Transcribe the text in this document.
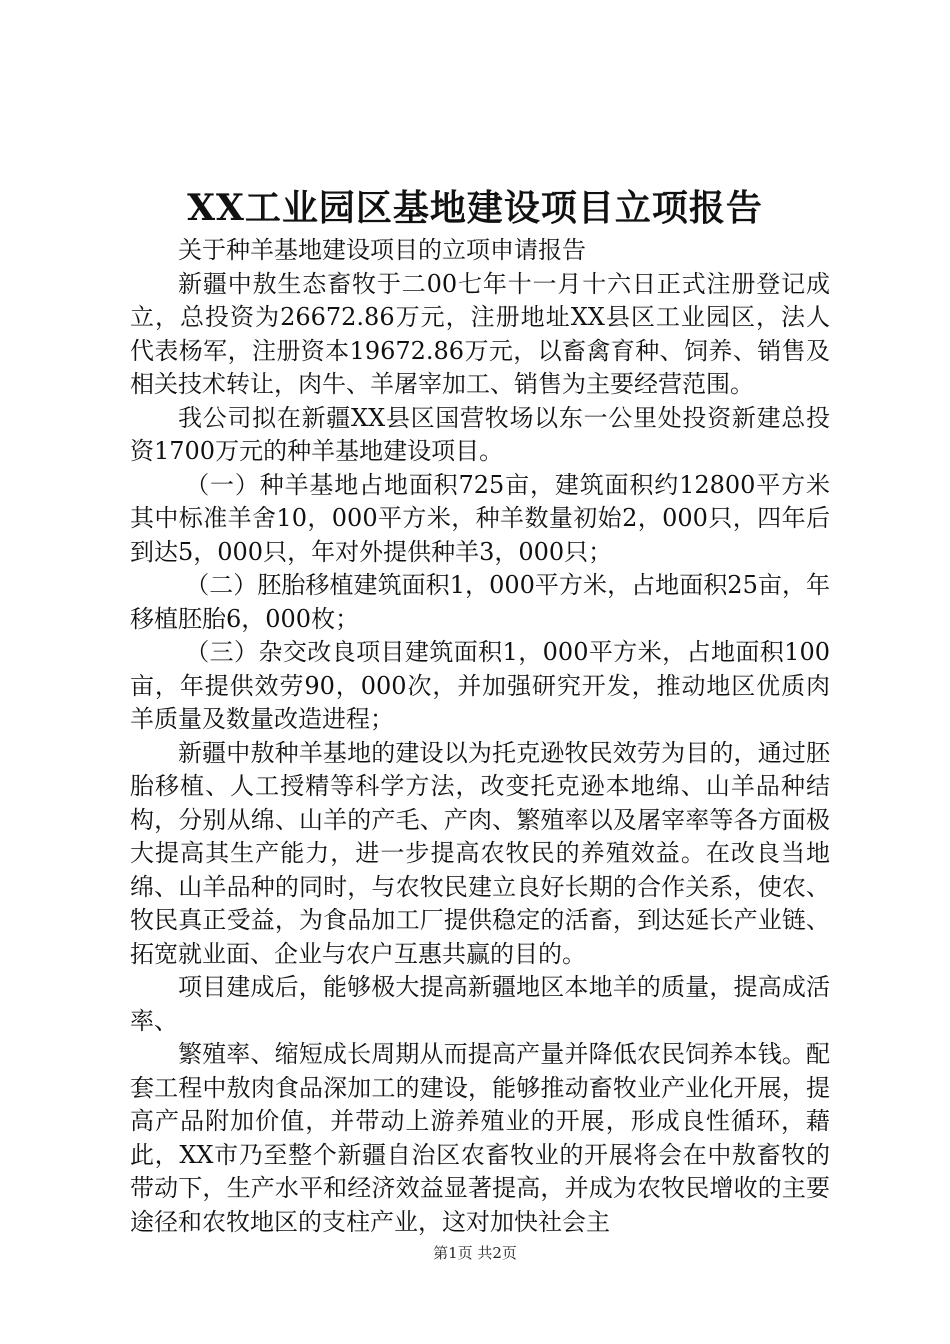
XX工业园区基地建设项目立项报告

关于种羊基地建设项目的立项申请报告

新疆中敖生态畜牧于二00七年十一月十六日正式注册登记成立，总投资为26672.86万元，注册地址XX县区工业园区，法人代表杨军，注册资本19672.86万元，以畜禽育种、饲养、销售及相关技术转让，肉牛、羊屠宰加工、销售为主要经营范围。

我公司拟在新疆XX县区国营牧场以东一公里处投资新建总投资1700万元的种羊基地建设项目。

（一）种羊基地占地面积725亩，建筑面积约12800平方米其中标准羊舍10，000平方米，种羊数量初始2，000只，四年后到达5，000只，年对外提供种羊3，000只；

（二）胚胎移植建筑面积1，000平方米，占地面积25亩，年移植胚胎6，000枚；

（三）杂交改良项目建筑面积1，000平方米，占地面积100亩，年提供效劳90，000次，并加强研究开发，推动地区优质肉羊质量及数量改造进程；

新疆中敖种羊基地的建设以为托克逊牧民效劳为目的，通过胚胎移植、人工授精等科学方法，改变托克逊本地绵、山羊品种结构，分别从绵、山羊的产毛、产肉、繁殖率以及屠宰率等各方面极大提高其生产能力，进一步提高农牧民的养殖效益。在改良当地绵、山羊品种的同时，与农牧民建立良好长期的合作关系，使农、牧民真正受益，为食品加工厂提供稳定的活畜，到达延长产业链、拓宽就业面、企业与农户互惠共赢的目的。

项目建成后，能够极大提高新疆地区本地羊的质量，提高成活率、

繁殖率、缩短成长周期从而提高产量并降低农民饲养本钱。配套工程中敖肉食品深加工的建设，能够推动畜牧业产业化开展，提高产品附加价值，并带动上游养殖业的开展，形成良性循环，藉此，XX市乃至整个新疆自治区农畜牧业的开展将会在中敖畜牧的带动下，生产水平和经济效益显著提高，并成为农牧民增收的主要途径和农牧地区的支柱产业，这对加快社会主

第1页 共2页
